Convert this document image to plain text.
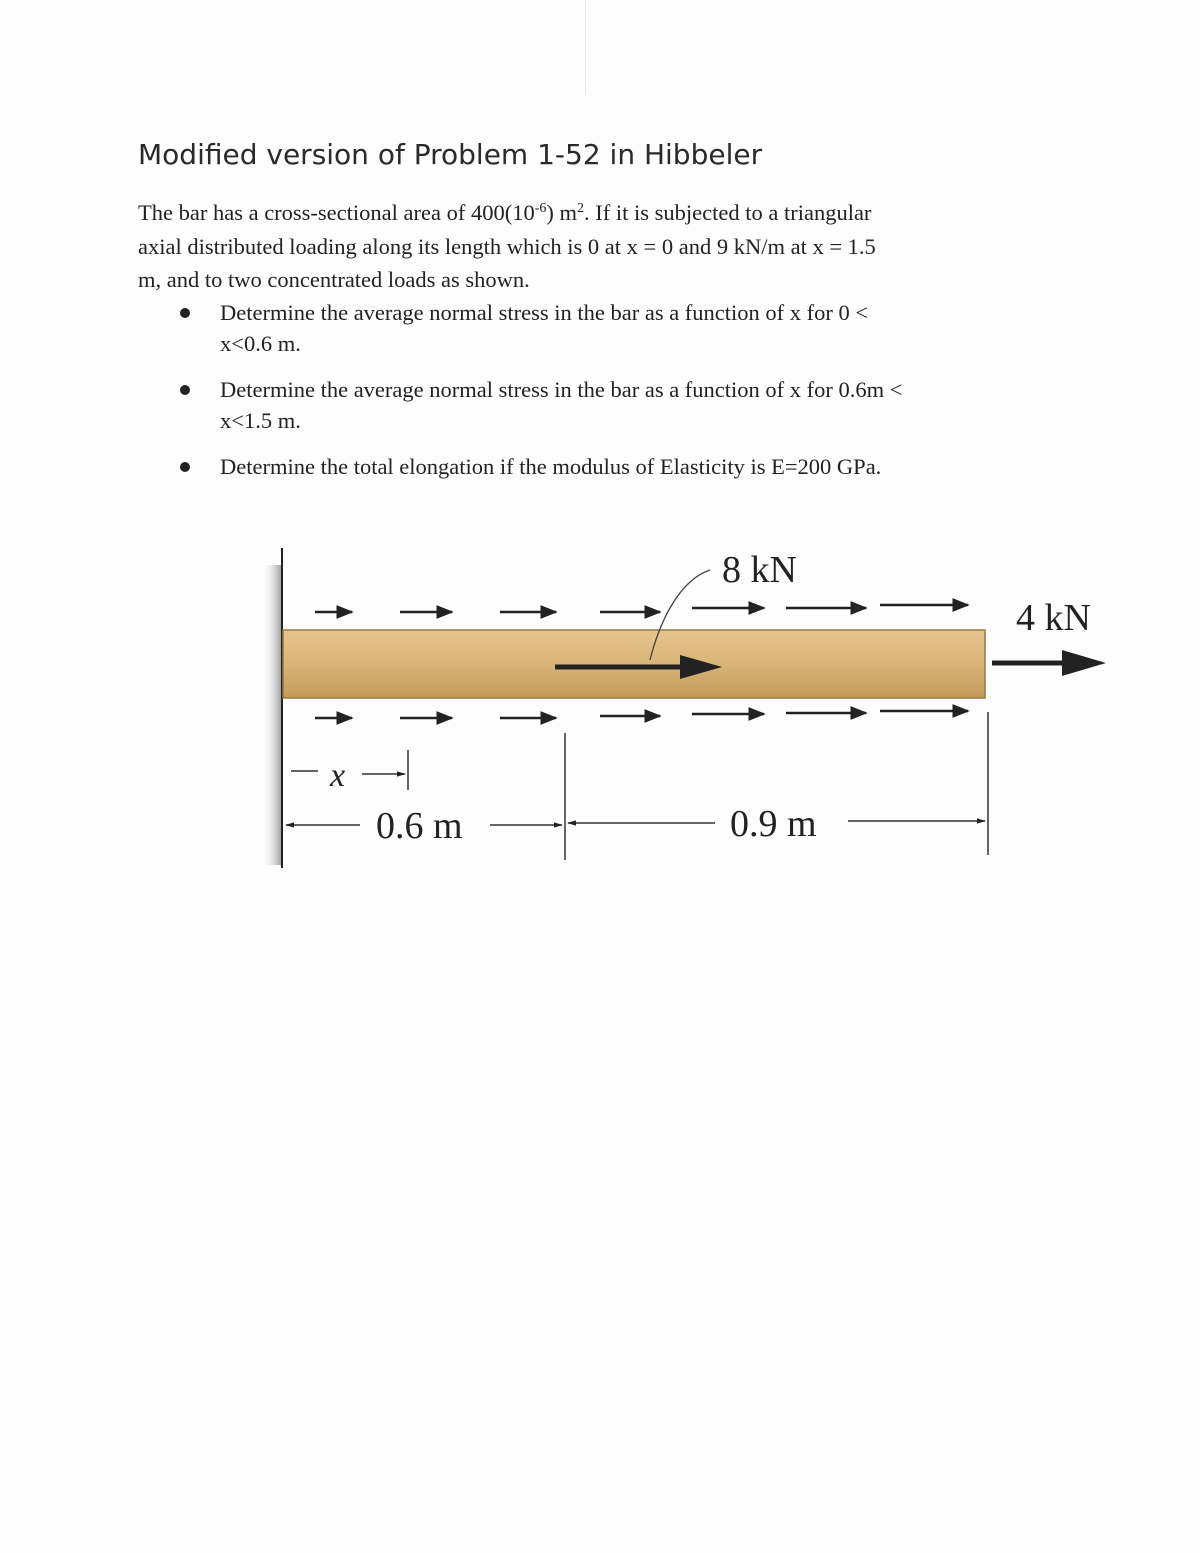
Modified version of Problem 1-52 in Hibbeler
The bar has a cross-sectional area of $400(10^{-6})$ $m^2$. If it is subjected to a triangular
axial distributed loading along its length which is 0 at x = 0 and 9 kN/m at x = 1.5
m, and to two concentrated loads as shown.
Determine the average normal stress in the bar as a function of x for 0 <
x<0.6 m.
Determine the average normal stress in the bar as a function of x for 0.6m <
x<1.5 m.
Determine the total elongation if the modulus of Elasticity is E=200 GPa.
8 kN
4 kN
x
0.6 m	0.9 m
